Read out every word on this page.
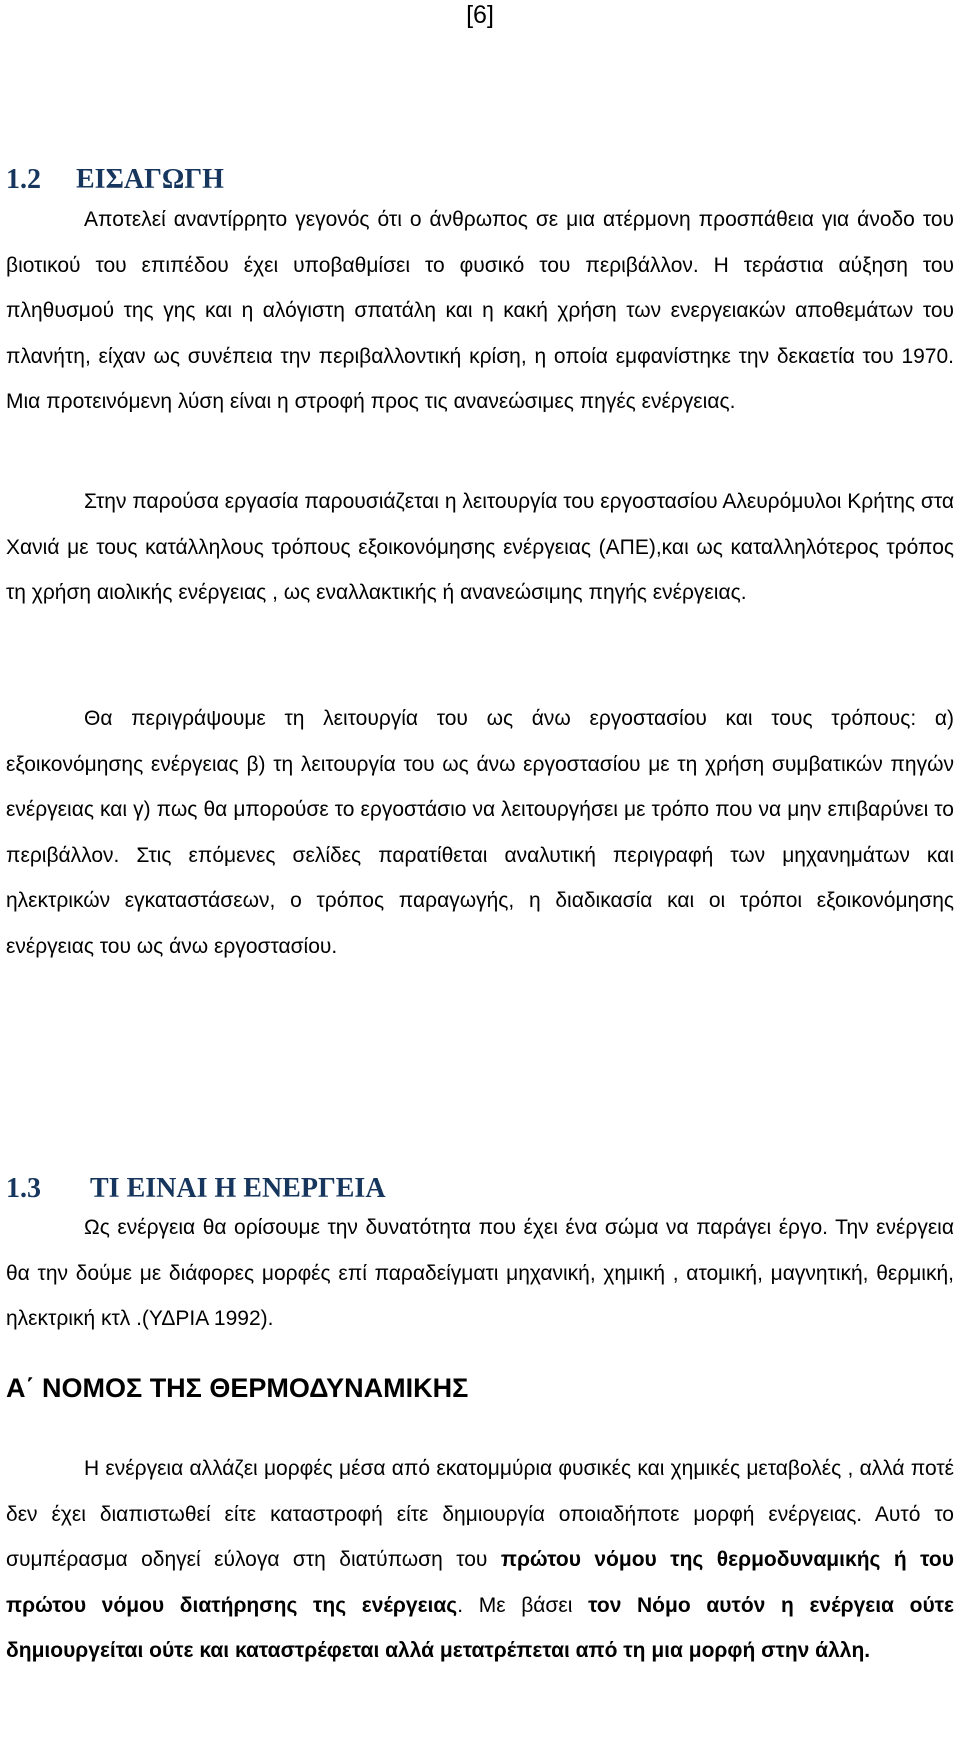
[6]
1.2 ΕΙΣΑΓΩΓΗ

Αποτελεί αναντίρρητο γεγονός ότι ο άνθρωπος σε μια ατέρμονη προσπάθεια για άνοδο του βιοτικού του επιπέδου έχει υποβαθμίσει το φυσικό του περιβάλλον. Η τεράστια αύξηση του πληθυσμού της γης και η αλόγιστη σπατάλη και η κακή χρήση των ενεργειακών αποθεμάτων του πλανήτη, είχαν ως συνέπεια την περιβαλλοντική κρίση, η οποία εμφανίστηκε την δεκαετία του 1970. Μια προτεινόμενη λύση είναι η στροφή προς τις ανανεώσιμες πηγές ενέργειας.

Στην παρούσα εργασία παρουσιάζεται η λειτουργία του εργοστασίου Αλευρόμυλοι Κρήτης στα Χανιά με τους κατάλληλους τρόπους εξοικονόμησης ενέργειας (ΑΠΕ),και ως καταλληλότερος τρόπος τη χρήση αιολικής ενέργειας , ως εναλλακτικής ή ανανεώσιμης πηγής ενέργειας.

Θα περιγράψουμε τη λειτουργία του ως άνω εργοστασίου και τους τρόπους: α) εξοικονόμησης ενέργειας β) τη λειτουργία του ως άνω εργοστασίου με τη χρήση συμβατικών πηγών ενέργειας και γ) πως θα μπορούσε το εργοστάσιο να λειτουργήσει με τρόπο που να μην επιβαρύνει το περιβάλλον. Στις επόμενες σελίδες παρατίθεται αναλυτική περιγραφή των μηχανημάτων και ηλεκτρικών εγκαταστάσεων, ο τρόπος παραγωγής, η διαδικασία και οι τρόποι εξοικονόμησης ενέργειας του ως άνω εργοστασίου.

1.3 ΤΙ ΕΙΝΑΙ Η ΕΝΕΡΓΕΙΑ

Ως ενέργεια θα ορίσουμε την δυνατότητα που έχει ένα σώμα να παράγει έργο. Την ενέργεια θα την δούμε με διάφορες μορφές επί παραδείγματι μηχανική, χημική , ατομική, μαγνητική, θερμική, ηλεκτρική κτλ .(ΥΔΡΙΑ 1992).

Α΄ ΝΟΜΟΣ ΤΗΣ ΘΕΡΜΟΔΥΝΑΜΙΚΗΣ

Η ενέργεια αλλάζει μορφές μέσα από εκατομμύρια φυσικές και χημικές μεταβολές , αλλά ποτέ δεν έχει διαπιστωθεί είτε καταστροφή είτε δημιουργία οποιαδήποτε μορφή ενέργειας. Αυτό το συμπέρασμα οδηγεί εύλογα στη διατύπωση του πρώτου νόμου της θερμοδυναμικής ή του πρώτου νόμου διατήρησης της ενέργειας. Με βάσει τον Νόμο αυτόν η ενέργεια ούτε δημιουργείται ούτε και καταστρέφεται αλλά μετατρέπεται από τη μια μορφή στην άλλη.
